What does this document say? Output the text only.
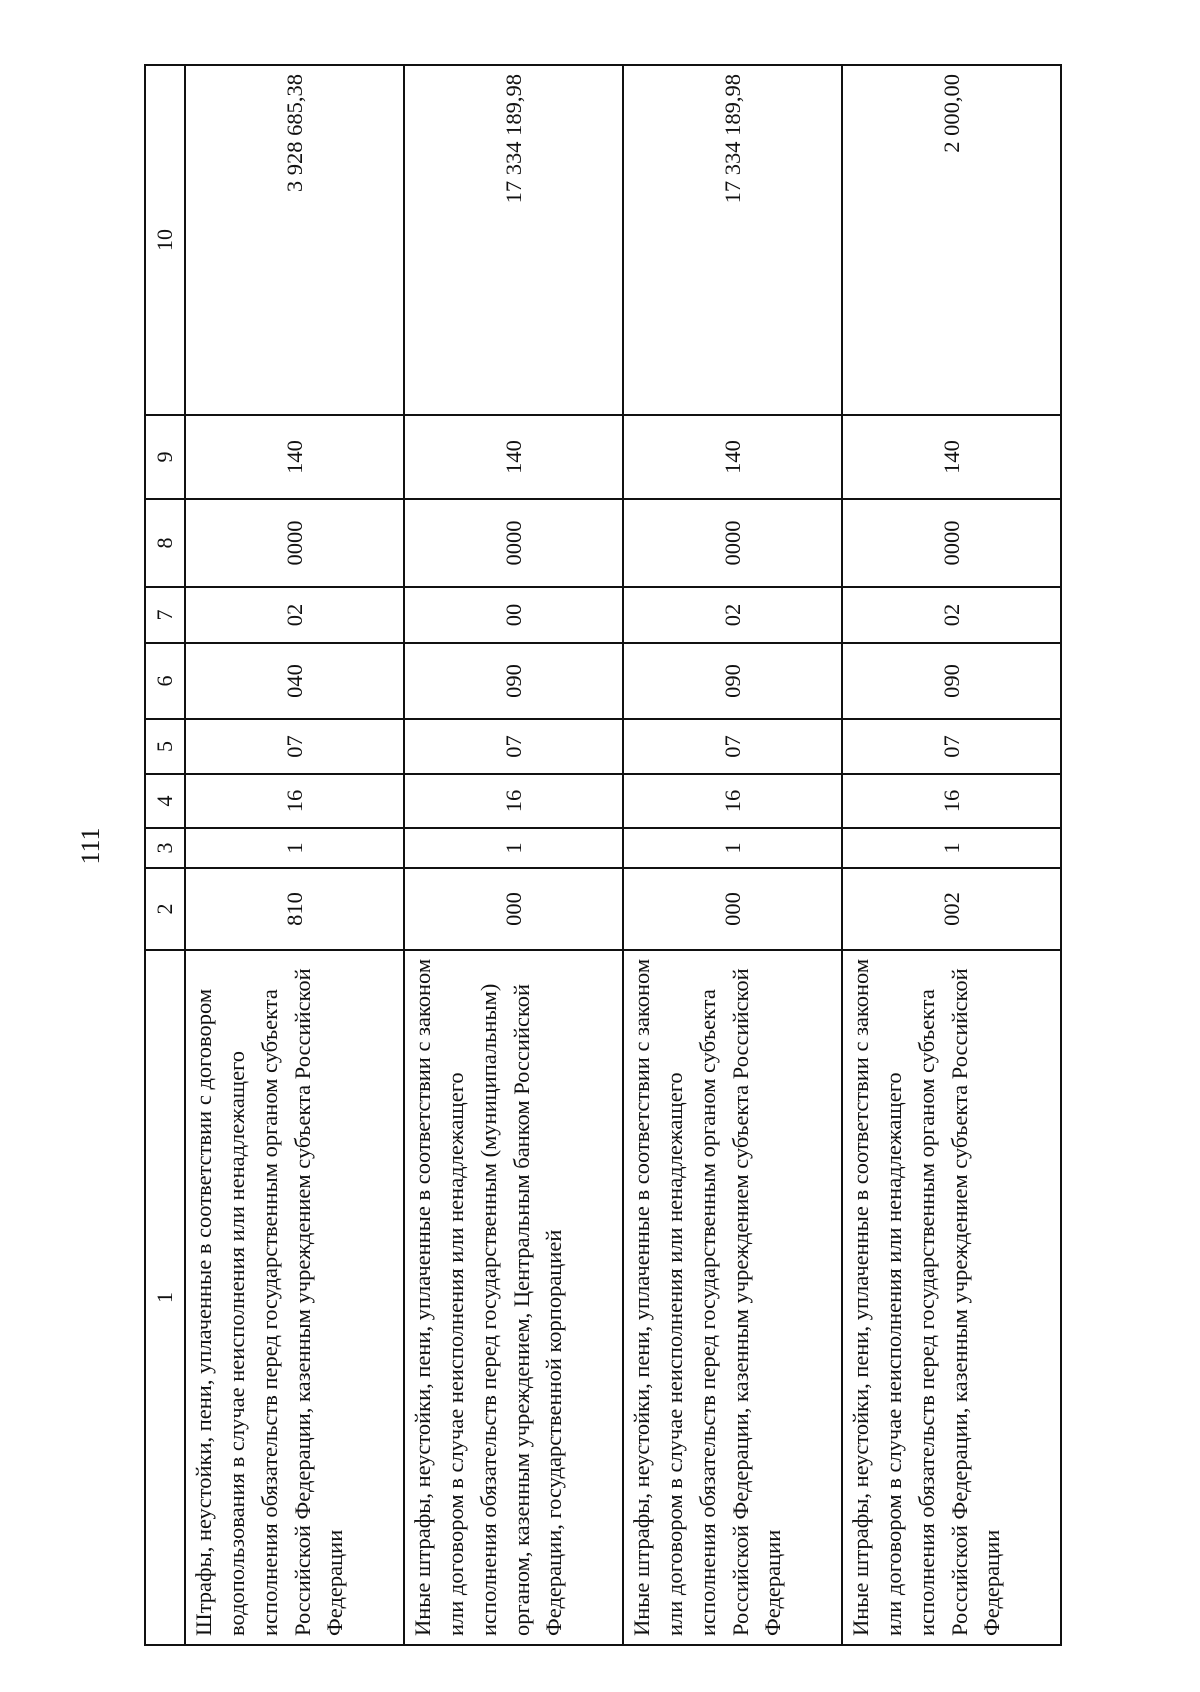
111
1	2	3	4	5	6	7	8	9	10
Штрафы, неустойки, пени, уплаченные в соответствии с договором водопользования в случае неисполнения или ненадлежащего исполнения обязательств перед государственным органом субъекта Российской Федерации, казенным учреждением субъекта Российской Федерации	810	1	16	07	040	02	0000	140	3 928 685,38
Иные штрафы, неустойки, пени, уплаченные в соответствии с законом или договором в случае неисполнения или ненадлежащего исполнения обязательств перед государственным (муниципальным) органом, казенным учреждением, Центральным банком Российской Федерации, государственной корпорацией	000	1	16	07	090	00	0000	140	17 334 189,98
Иные штрафы, неустойки, пени, уплаченные в соответствии с законом или договором в случае неисполнения или ненадлежащего исполнения обязательств перед государственным органом субъекта Российской Федерации, казенным учреждением субъекта Российской Федерации	000	1	16	07	090	02	0000	140	17 334 189,98
Иные штрафы, неустойки, пени, уплаченные в соответствии с законом или договором в случае неисполнения или ненадлежащего исполнения обязательств перед государственным органом субъекта Российской Федерации, казенным учреждением субъекта Российской Федерации	002	1	16	07	090	02	0000	140	2 000,00
